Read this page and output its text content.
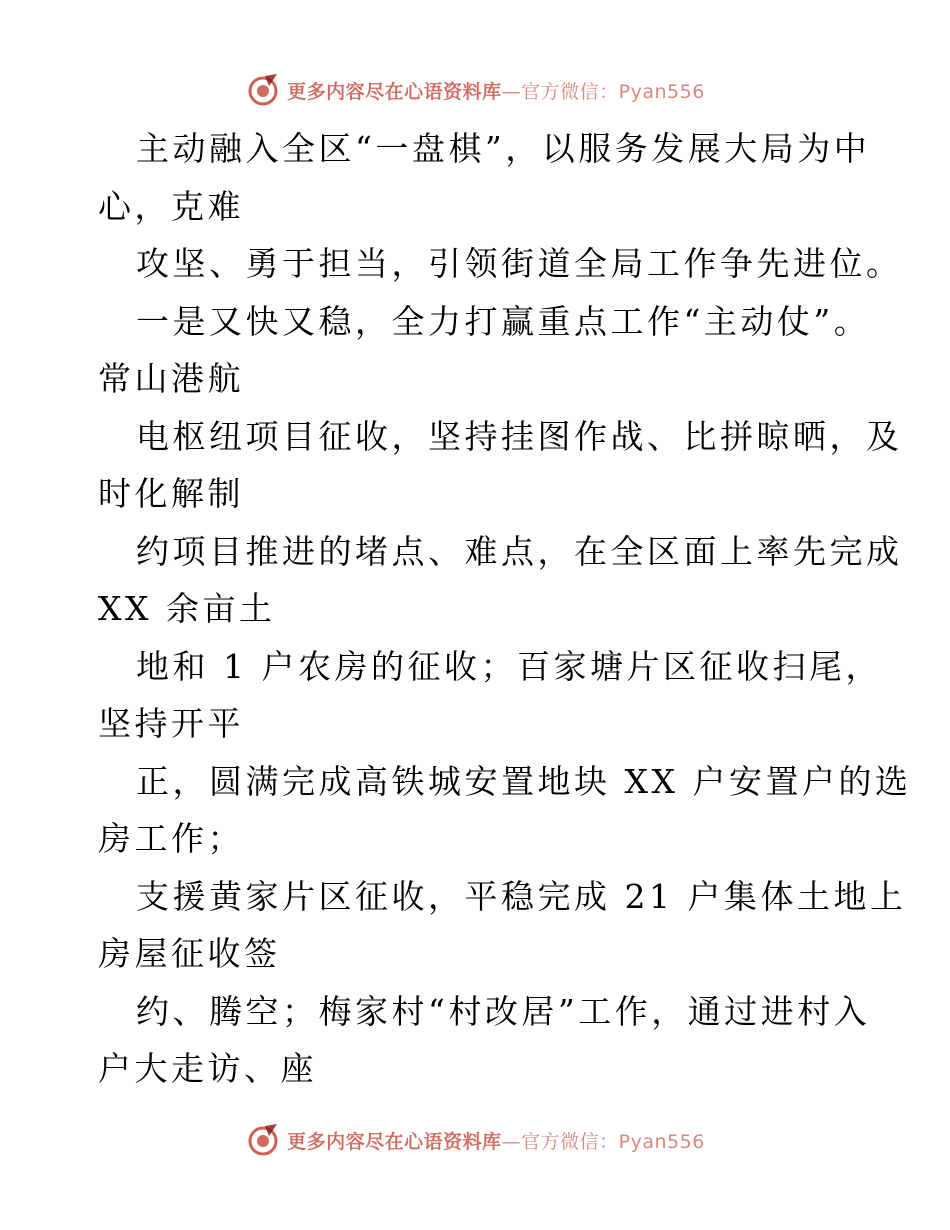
更多内容尽在心语资料库—官方微信：Pyan556
主动融入全区“一盘棋”，以服务发展大局为中
心，克难
攻坚、勇于担当，引领街道全局工作争先进位。
一是又快又稳，全力打赢重点工作“主动仗”。
常山港航
电枢纽项目征收，坚持挂图作战、比拼晾晒，及
时化解制
约项目推进的堵点、难点，在全区面上率先完成
XX 余亩土
地和 1 户农房的征收；百家塘片区征收扫尾，
坚持开平
正，圆满完成高铁城安置地块 XX 户安置户的选
房工作；
支援黄家片区征收，平稳完成 21 户集体土地上
房屋征收签
约、腾空；梅家村“村改居”工作，通过进村入
户大走访、座
更多内容尽在心语资料库—官方微信：Pyan556
